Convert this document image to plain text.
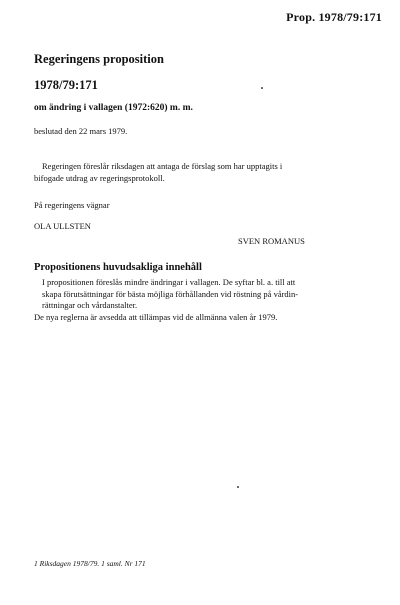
Prop. 1978/79:171
Regeringens proposition
1978/79:171
om ändring i vallagen (1972:620) m. m.
beslutad den 22 mars 1979.

Regeringen föreslår riksdagen att antaga de förslag som har upptagits i

bifogade utdrag av regeringsprotokoll.

På regeringens vägnar
OLA ULLSTEN
SVEN ROMANUS
Propositionens huvudsakliga innehåll

I propositionen föreslås mindre ändringar i vallagen. De syftar bl. a. till att

skapa förutsättningar för bästa möjliga förhållanden vid röstning på vårdin-

rättningar och vårdanstalter.

De nya reglerna är avsedda att tillämpas vid de allmänna valen år 1979.

1 Riksdagen 1978/79. 1 saml. Nr 171
